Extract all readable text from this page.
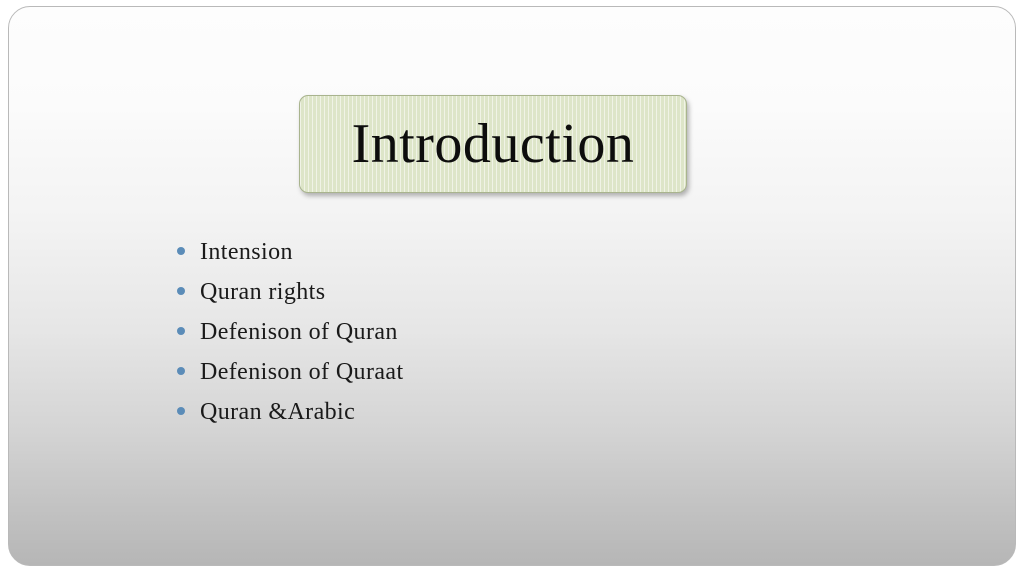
Introduction
Intension
Quran rights
Defenison of Quran
Defenison of Quraat
Quran &Arabic
